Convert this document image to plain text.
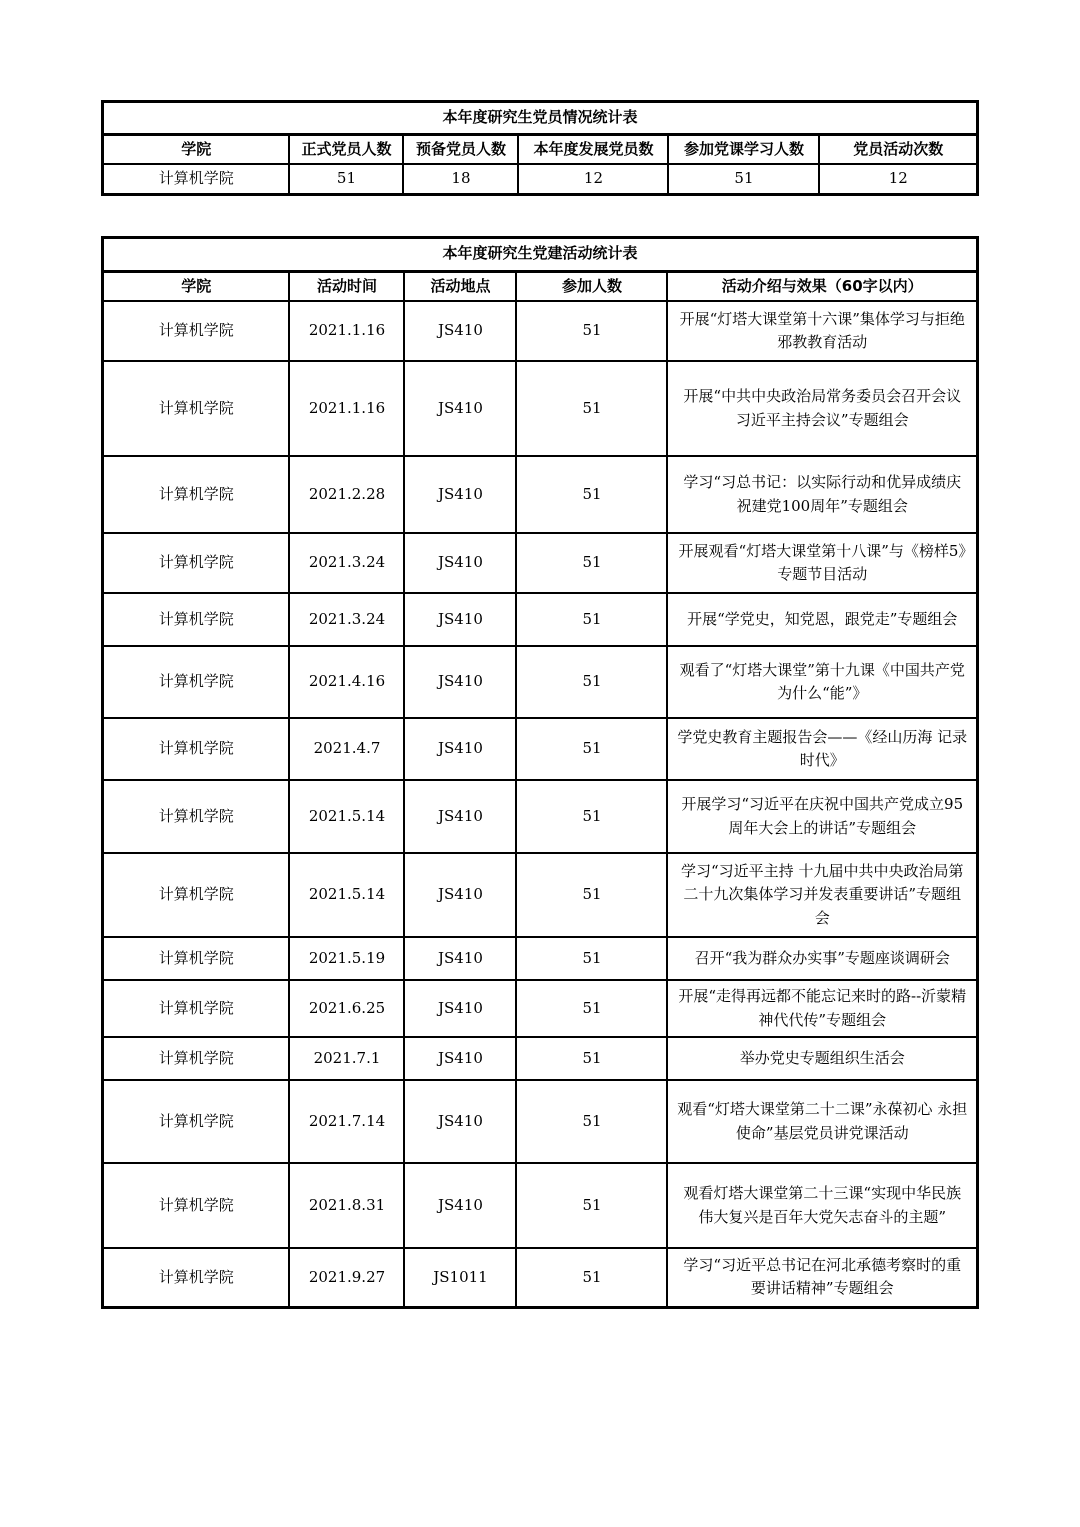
本年度研究生党员情况统计表					
学院	正式党员人数	预备党员人数	本年度发展党员数	参加党课学习人数	党员活动次数
计算机学院	51	18	12	51	12
本年度研究生党建活动统计表				
学院	活动时间	活动地点	参加人数	活动介绍与效果（60字以内）
计算机学院	2021.1.16	JS410	51	开展“灯塔大课堂第十六课”集体学习与拒绝邪教教育活动
计算机学院	2021.1.16	JS410	51	开展“中共中央政治局常务委员会召开会议 习近平主持会议”专题组会
计算机学院	2021.2.28	JS410	51	学习“习总书记：以实际行动和优异成绩庆祝建党100周年”专题组会
计算机学院	2021.3.24	JS410	51	开展观看“灯塔大课堂第十八课”与《榜样5》专题节目活动
计算机学院	2021.3.24	JS410	51	开展“学党史，知党恩，跟党走”专题组会
计算机学院	2021.4.16	JS410	51	观看了“灯塔大课堂”第十九课《中国共产党为什么“能”》
计算机学院	2021.4.7	JS410	51	学党史教育主题报告会——《经山历海 记录时代》
计算机学院	2021.5.14	JS410	51	开展学习“习近平在庆祝中国共产党成立95周年大会上的讲话”专题组会
计算机学院	2021.5.14	JS410	51	学习“习近平主持 十九届中共中央政治局第二十九次集体学习并发表重要讲话”专题组会
计算机学院	2021.5.19	JS410	51	召开“我为群众办实事”专题座谈调研会
计算机学院	2021.6.25	JS410	51	开展“走得再远都不能忘记来时的路--沂蒙精神代代传”专题组会
计算机学院	2021.7.1	JS410	51	举办党史专题组织生活会
计算机学院	2021.7.14	JS410	51	观看“灯塔大课堂第二十二课”永葆初心 永担使命”基层党员讲党课活动
计算机学院	2021.8.31	JS410	51	观看灯塔大课堂第二十三课“实现中华民族伟大复兴是百年大党矢志奋斗的主题”
计算机学院	2021.9.27	JS1011	51	学习“习近平总书记在河北承德考察时的重要讲话精神”专题组会
